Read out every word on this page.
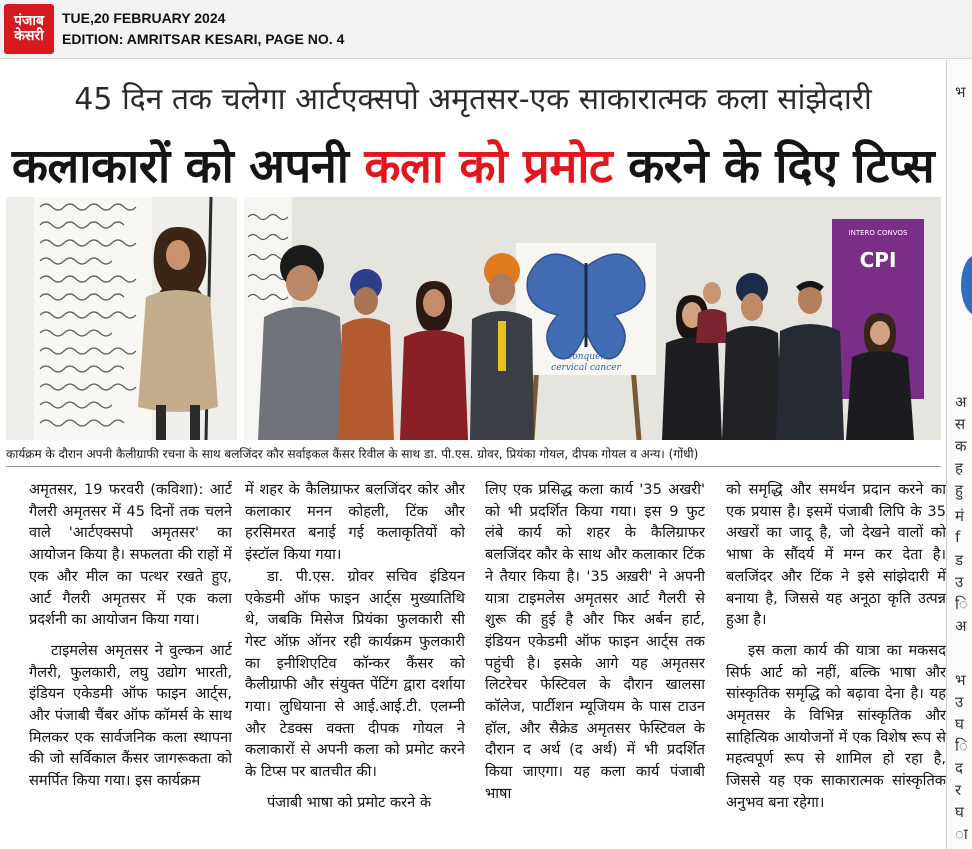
पंजाब
केसरी
TUE,20 FEBRUARY 2024
EDITION: AMRITSAR KESARI, PAGE NO. 4
45 दिन तक चलेगा आर्टएक्सपो अमृतसर-एक साकारात्मक कला सांझेदारी
कलाकारों को अपनी कला को प्रमोट करने के दिए टिप्स
conquer
cervical cancer
INTERO CONVOS
CPI
कार्यक्रम के दौरान अपनी कैलीग्राफी रचना के साथ बलजिंदर कौर सर्वाइकल कैंसर रिवील के साथ डा. पी.एस. ग्रोवर, प्रियंका गोयल, दीपक गोयल व अन्य। (गोंधी)

अमृतसर, 19 फरवरी (कविशा): आर्ट गैलरी अमृतसर में 45 दिनों तक चलने वाले 'आर्टएक्सपो अमृतसर' का आयोजन किया है। सफलता की राहों में एक और मील का पत्थर रखते हुए, आर्ट गैलरी अमृतसर में एक कला प्रदर्शनी का आयोजन किया गया।

टाइमलेस अमृतसर ने वुल्कन आर्ट गैलरी, फुलकारी, लघु उद्योग भारती, इंडियन एकेडमी ऑफ फाइन आर्ट्स, और पंजाबी चैंबर ऑफ कॉमर्स के साथ मिलकर एक सार्वजनिक कला स्थापना की जो सर्विकाल कैंसर जागरूकता को समर्पित किया गया। इस कार्यक्रम

में शहर के कैलिग्राफर बलजिंदर कोर और कलाकार मनन कोहली, टिंक और हरसिमरत बनाई गई कलाकृतियों को इंस्टॉल किया गया।

डा. पी.एस. ग्रोवर सचिव इंडियन एकेडमी ऑफ फाइन आर्ट्स मुख्यातिथि थे, जबकि मिसेज प्रियंका फुलकारी सी गेस्ट ऑफ़ ऑनर रही कार्यक्रम फुलकारी का इनीशिएटिव कॉन्कर कैंसर को कैलीग्राफी और संयुक्त पेंटिंग द्वारा दर्शाया गया। लुधियाना से आई.आई.टी. एलम्नी और टेडक्स वक्ता दीपक गोयल ने कलाकारों से अपनी कला को प्रमोट करने के टिप्स पर बातचीत की।

पंजाबी भाषा को प्रमोट करने के

लिए एक प्रसिद्ध कला कार्य '35 अखरी' को भी प्रदर्शित किया गया। इस 9 फुट लंबे कार्य को शहर के कैलिग्राफर बलजिंदर कौर के साथ और कलाकार टिंक ने तैयार किया है। '35 अख़री' ने अपनी यात्रा टाइमलेस अमृतसर आर्ट गैलरी से शुरू की हुई है और फिर अर्बन हार्ट, इंडियन एकेडमी ऑफ फाइन आर्ट्स तक पहुंची है। इसके आगे यह अमृतसर लिटरेचर फेस्टिवल के दौरान खालसा कॉलेज, पार्टीशन म्यूजियम के पास टाउन हॉल, और सैक्रेड अमृतसर फेस्टिवल के दौरान द अर्थ (द अर्थ) में भी प्रदर्शित किया जाएगा। यह कला कार्य पंजाबी भाषा

को समृद्धि और समर्थन प्रदान करने का एक प्रयास है। इसमें पंजाबी लिपि के 35 अखरों का जादू है, जो देखने वालों को भाषा के सौंदर्य में मग्न कर देता है। बलजिंदर और टिंक ने इसे सांझेदारी में बनाया है, जिससे यह अनूठा कृति उत्पन्न हुआ है।

इस कला कार्य की यात्रा का मकसद सिर्फ आर्ट को नहीं, बल्कि भाषा और सांस्कृतिक समृद्धि को बढ़ावा देना है। यह अमृतसर के विभिन्न सांस्कृतिक और साहित्यिक आयोजनों में एक विशेष रूप से महत्वपूर्ण रूप से शामिल हो रहा है, जिससे यह एक साकारात्मक सांस्कृतिक अनुभव बना रहेगा।

भ
अ
स
क
ह
हु
मं
f
ड
उ
ि
अ
भ
उ
घ
ि
द
र
घ
ा
